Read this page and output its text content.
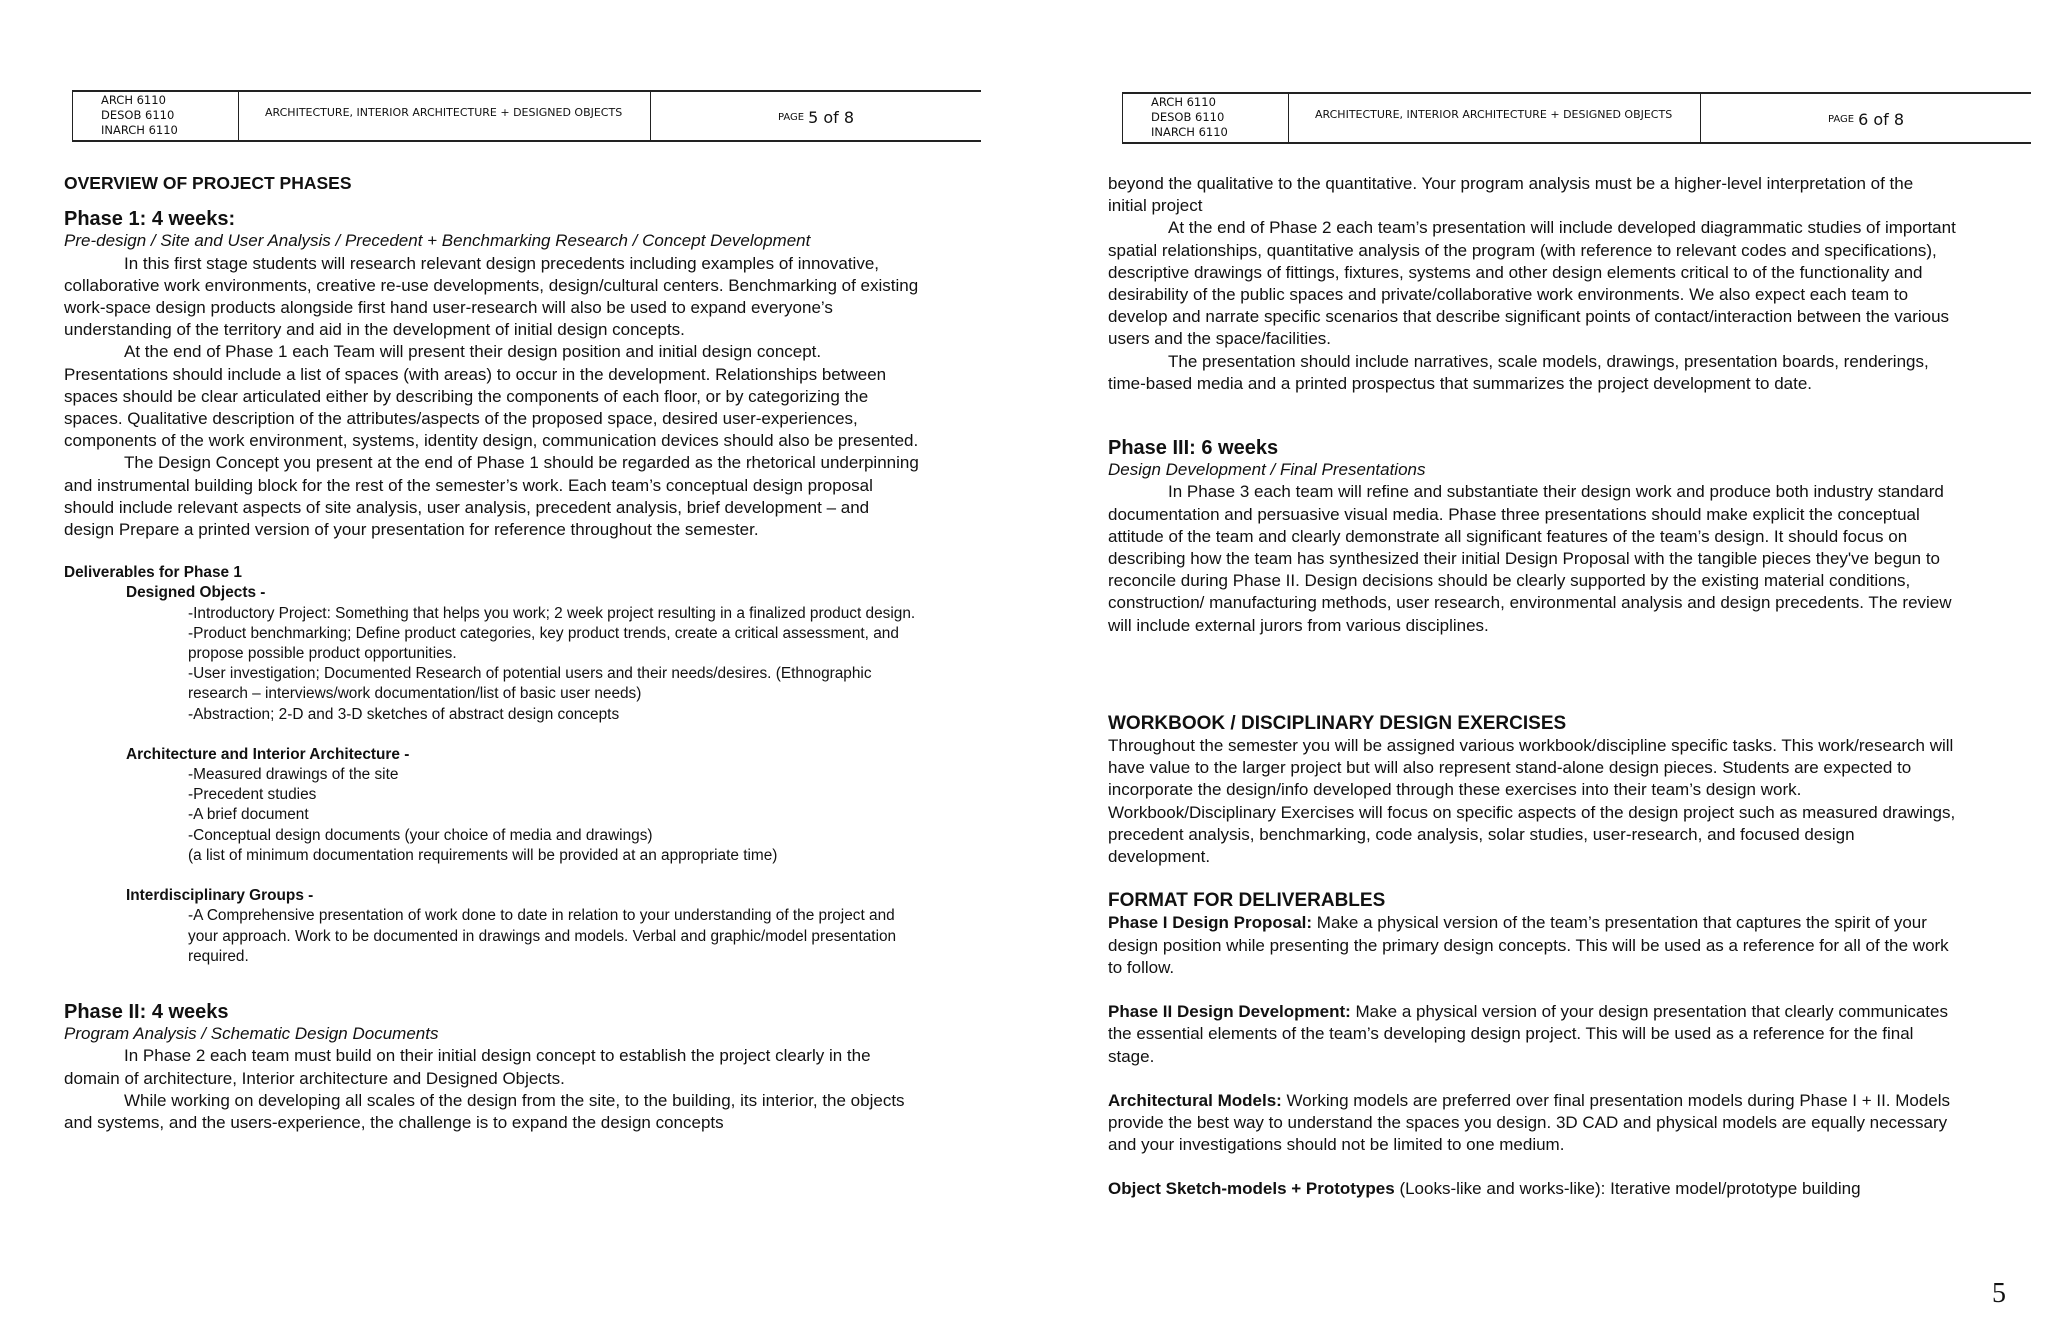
ARCH 6110
DESOB 6110
INARCH 6110
ARCHITECTURE, INTERIOR ARCHITECTURE + DESIGNED OBJECTS	PAGE 5 of 8
ARCH 6110
DESOB 6110
INARCH 6110
ARCHITECTURE, INTERIOR ARCHITECTURE + DESIGNED OBJECTS	PAGE 6 of 8

OVERVIEW OF PROJECT PHASES

Phase 1: 4 weeks:

Pre-design / Site and User Analysis / Precedent + Benchmarking Research / Concept Development

In this first stage students will research relevant design precedents including examples of innovative, collaborative work environments, creative re-use developments, design/cultural centers. Benchmarking of existing work-space design products alongside first hand user-research will also be used to expand everyone’s understanding of the territory and aid in the development of initial design concepts.

At the end of Phase 1 each Team will present their design position and initial design concept. Presentations should include a list of spaces (with areas) to occur in the development. Relationships between spaces should be clear articulated either by describing the components of each floor, or by categorizing the spaces. Qualitative description of the attributes/aspects of the proposed space, desired user-experiences, components of the work environment, systems, identity design, communication devices should also be presented.

The Design Concept you present at the end of Phase 1 should be regarded as the rhetorical underpinning and instrumental building block for the rest of the semester’s work. Each team’s conceptual design proposal should include relevant aspects of site analysis, user analysis, precedent analysis, brief development – and design Prepare a printed version of your presentation for reference throughout the semester.

Deliverables for Phase 1

Designed Objects -

-Introductory Project: Something that helps you work; 2 week project resulting in a finalized product design.

-Product benchmarking; Define product categories, key product trends, create a critical assessment, and propose possible product opportunities.

-User investigation; Documented Research of potential users and their needs/desires. (Ethnographic research – interviews/work documentation/list of basic user needs)

-Abstraction; 2-D and 3-D sketches of abstract design concepts

Architecture and Interior Architecture -

-Measured drawings of the site

-Precedent studies

-A brief document

-Conceptual design documents (your choice of media and drawings)

(a list of minimum documentation requirements will be provided at an appropriate time)

Interdisciplinary Groups -

-A Comprehensive presentation of work done to date in relation to your understanding of the project and your approach. Work to be documented in drawings and models. Verbal and graphic/model presentation required.

Phase II: 4 weeks

Program Analysis / Schematic Design Documents

In Phase 2 each team must build on their initial design concept to establish the project clearly in the domain of architecture, Interior architecture and Designed Objects.

While working on developing all scales of the design from the site, to the building, its interior, the objects and systems, and the users-experience, the challenge is to expand the design concepts

beyond the qualitative to the quantitative. Your program analysis must be a higher-level interpretation of the initial project

At the end of Phase 2 each team’s presentation will include developed diagrammatic studies of important spatial relationships, quantitative analysis of the program (with reference to relevant codes and specifications), descriptive drawings of fittings, fixtures, systems and other design elements critical to of the functionality and desirability of the public spaces and private/collaborative work environments. We also expect each team to develop and narrate specific scenarios that describe significant points of contact/interaction between the various users and the space/facilities.

The presentation should include narratives, scale models, drawings, presentation boards, renderings, time-based media and a printed prospectus that summarizes the project development to date.

Phase III: 6 weeks

Design Development / Final Presentations

In Phase 3 each team will refine and substantiate their design work and produce both industry standard documentation and persuasive visual media. Phase three presentations should make explicit the conceptual attitude of the team and clearly demonstrate all significant features of the team’s design. It should focus on describing how the team has synthesized their initial Design Proposal with the tangible pieces they've begun to reconcile during Phase II. Design decisions should be clearly supported by the existing material conditions, construction/ manufacturing methods, user research, environmental analysis and design precedents. The review will include external jurors from various disciplines.

WORKBOOK / DISCIPLINARY DESIGN EXERCISES

Throughout the semester you will be assigned various workbook/discipline specific tasks. This work/research will have value to the larger project but will also represent stand-alone design pieces. Students are expected to incorporate the design/info developed through these exercises into their team’s design work. Workbook/Disciplinary Exercises will focus on specific aspects of the design project such as measured drawings, precedent analysis, benchmarking, code analysis, solar studies, user-research, and focused design development.

FORMAT FOR DELIVERABLES

Phase I Design Proposal: Make a physical version of the team’s presentation that captures the spirit of your design position while presenting the primary design concepts. This will be used as a reference for all of the work to follow.

Phase II Design Development: Make a physical version of your design presentation that clearly communicates the essential elements of the team’s developing design project. This will be used as a reference for the final stage.

Architectural Models: Working models are preferred over final presentation models during Phase I + II. Models provide the best way to understand the spaces you design. 3D CAD and physical models are equally necessary and your investigations should not be limited to one medium.

Object Sketch-models + Prototypes (Looks-like and works-like): Iterative model/prototype building

5
